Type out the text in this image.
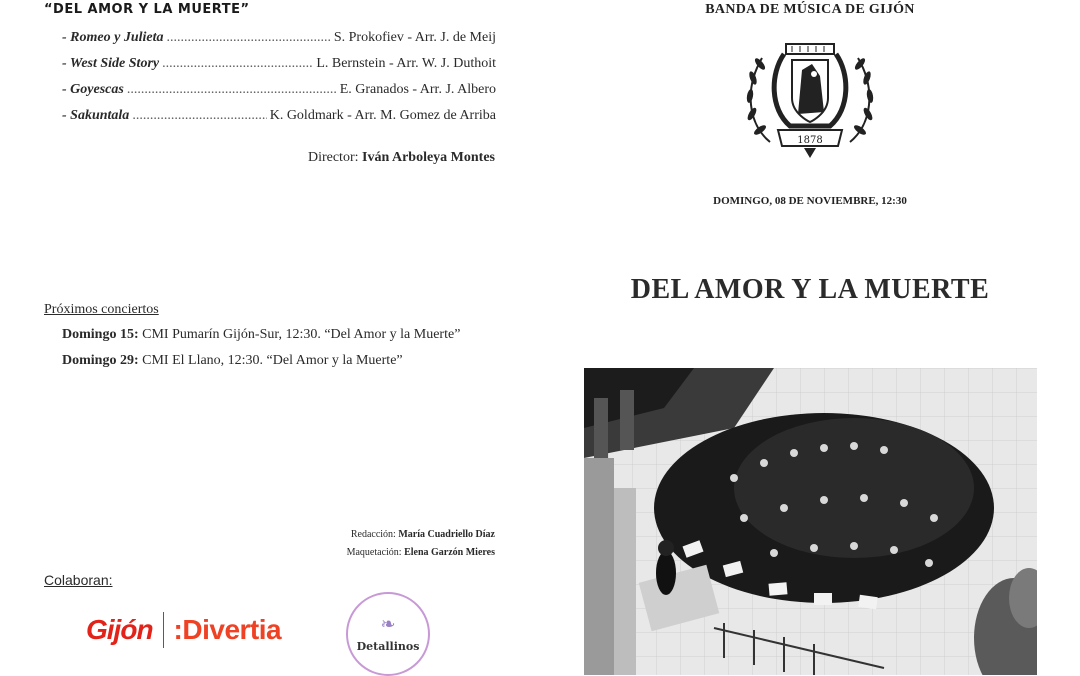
“DEL AMOR Y LA MUERTE”
- Romeo y Julieta .....	S. Prokofiev - Arr. J. de Meij
- West Side Story .....	L. Bernstein - Arr. W. J. Duthoit
- Goyescas .....	E. Granados - Arr. J. Albero
- Sakuntala .....	K. Goldmark - Arr. M. Gomez de Arriba
Director: Iván Arboleya Montes
Próximos conciertos
Domingo 15: CMI Pumarín Gijón-Sur, 12:30. “Del Amor y la Muerte”
Domingo 29: CMI El Llano, 12:30. “Del Amor y la Muerte”
Redacción: María Cuadriello Díaz
Maquetación: Elena Garzón Mieres
Colaboran:
Gijón :Divertia	❧
Detallinos
BANDA DE MÚSICA DE GIJÓN
1878
DOMINGO, 08 DE NOVIEMBRE, 12:30
DEL AMOR Y LA MUERTE
